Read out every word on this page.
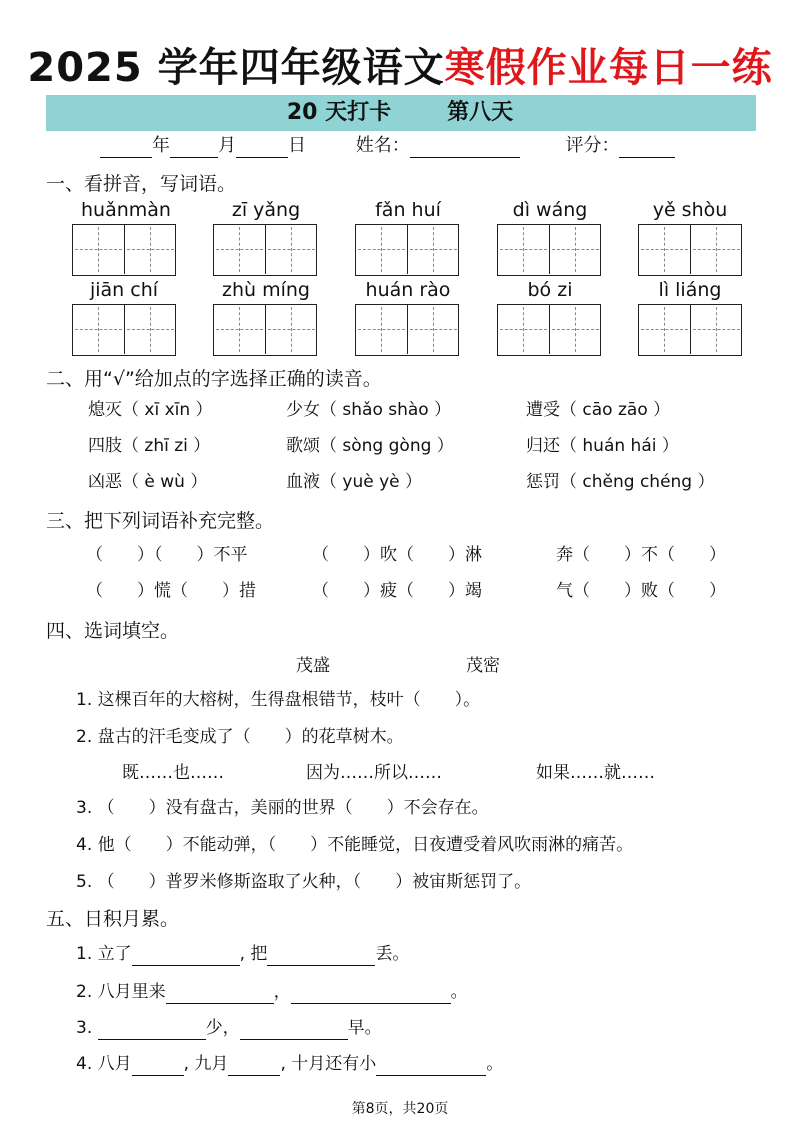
2025 学年四年级语文寒假作业每日一练
20 天打卡	第八天
年	月	日	姓名：	评分：
一、看拼音，写词语。
huǎnmàn	zī yǎng	fǎn huí	dì wáng	yě shòu
jiān chí	zhù míng	huán rào	bó zi	lì liáng
二、用“√”给加点的字选择正确的读音。
熄灭（ xī xīn ）	少女（ shǎo shào ）	遭受（ cāo zāo ）
四肢（ zhī zi ）	歌颂（ sòng gòng ）	归还（ huán hái ）
凶恶（ è wù ）	血液（ yuè yè ）	惩罚（ chěng chéng ）
三、把下列词语补充完整。
（　　）（　　）不平	（　　）吹（　　）淋	奔（　　）不（　　）
（　　）慌（　　）措	（　　）疲（　　）竭	气（　　）败（　　）
四、选词填空。
茂盛	茂密
1. 这棵百年的大榕树，生得盘根错节，枝叶（　　）。
2. 盘古的汗毛变成了（　　）的花草树木。
既……也……	因为……所以……	如果……就……
3. （　　）没有盘古，美丽的世界（　　）不会存在。
4. 他（　　）不能动弹，（　　）不能睡觉，日夜遭受着风吹雨淋的痛苦。
5. （　　）普罗米修斯盗取了火种，（　　）被宙斯惩罚了。
五、日积月累。
1. 立了	, 把	丢。
2. 八月里来	，	。
3.	少，	早。
4. 八月	, 九月	, 十月还有小	。
第8页，共20页
